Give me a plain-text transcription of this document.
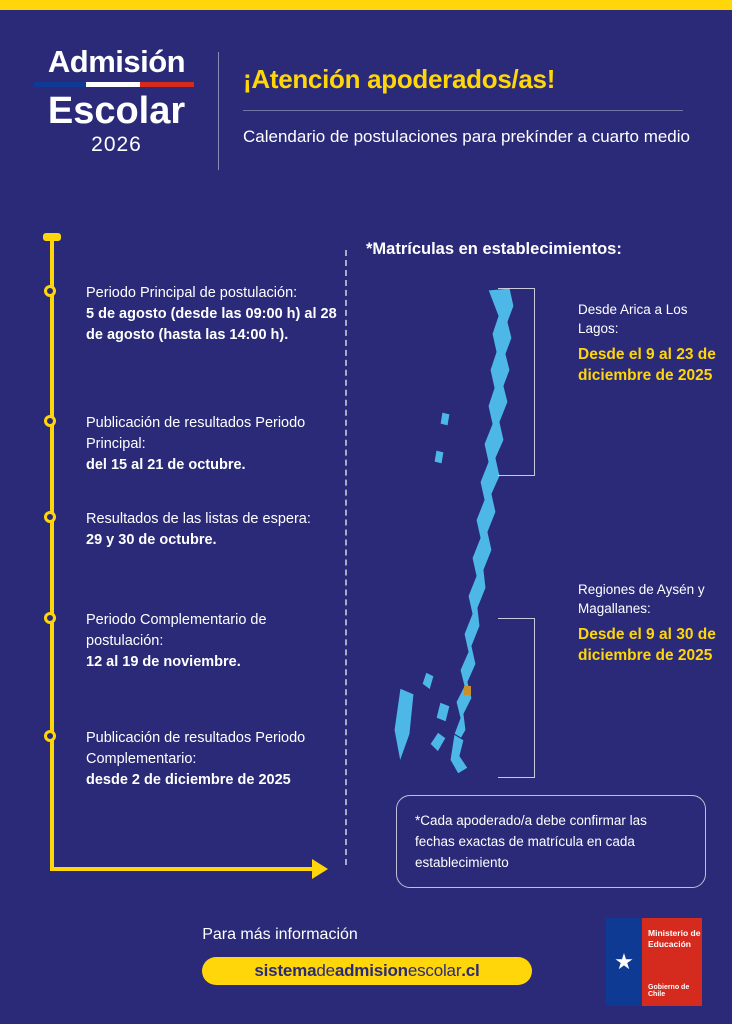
Admisión
Escolar
2026
¡Atención apoderados/as!
Calendario de postulaciones para prekínder a cuarto medio
Periodo Principal de postulación:
5 de agosto (desde las 09:00 h) al 28 de agosto (hasta las 14:00 h).
Publicación de resultados Periodo Principal:
del 15 al 21 de octubre.
Resultados de las listas de espera:
29 y 30 de octubre.
Periodo Complementario de postulación:
12 al 19 de noviembre.
Publicación de resultados Periodo Complementario:
desde 2 de diciembre de 2025
*Matrículas en establecimientos:
Desde Arica a Los Lagos:
Desde el 9 al 23 de diciembre de 2025
Regiones de Aysén y Magallanes:
Desde el 9 al 30 de diciembre de 2025
*Cada apoderado/a debe confirmar las fechas exactas de matrícula en cada establecimiento
Para más información
sistema de admision escolar .cl	★
Ministerio de
Educación
Gobierno de Chile
